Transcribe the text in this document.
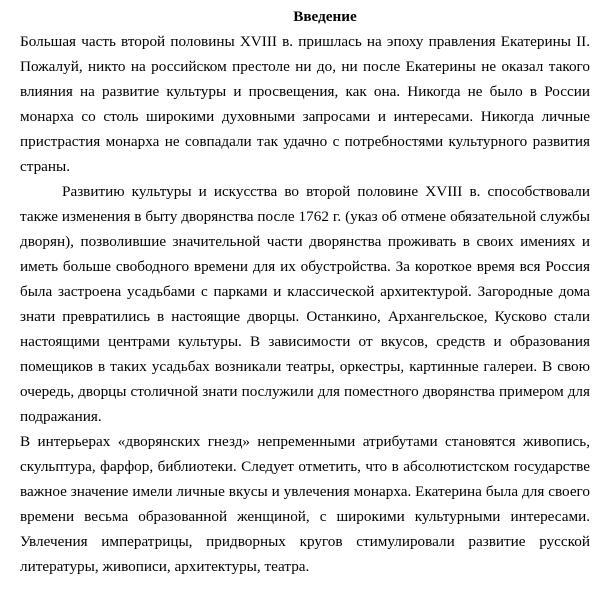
Введение

Большая часть второй половины XVIII в. пришлась на эпоху правления Екатерины II. Пожалуй, никто на российском престоле ни до, ни после Екатерины не оказал такого влияния на развитие культуры и просвещения, как она. Никогда не было в России монарха со столь широкими духовными запросами и интересами. Никогда личные пристрастия монарха не совпадали так удачно с потребностями культурного развития страны.

Развитию культуры и искусства во второй половине XVIII в. способствовали также изменения в быту дворянства после 1762 г. (указ об отмене обязательной службы дворян), позволившие значительной части дворянства проживать в своих имениях и иметь больше свободного времени для их обустройства. За короткое время вся Россия была застроена усадьбами с парками и классической архитектурой. Загородные дома знати превратились в настоящие дворцы. Останкино, Архангельское, Кусково стали настоящими центрами культуры. В зависимости от вкусов, средств и образования помещиков в таких усадьбах возникали театры, оркестры, картинные галереи. В свою очередь, дворцы столичной знати послужили для поместного дворянства примером для подражания.

В интерьерах «дворянских гнезд» непременными атрибутами становятся живопись, скульптура, фарфор, библиотеки. Следует отметить, что в абсолютистском государстве важное значение имели личные вкусы и увлечения монарха. Екатерина была для своего времени весьма образованной женщиной, с широкими культурными интересами. Увлечения императрицы, придворных кругов стимулировали развитие русской литературы, живописи, архитектуры, театра.
